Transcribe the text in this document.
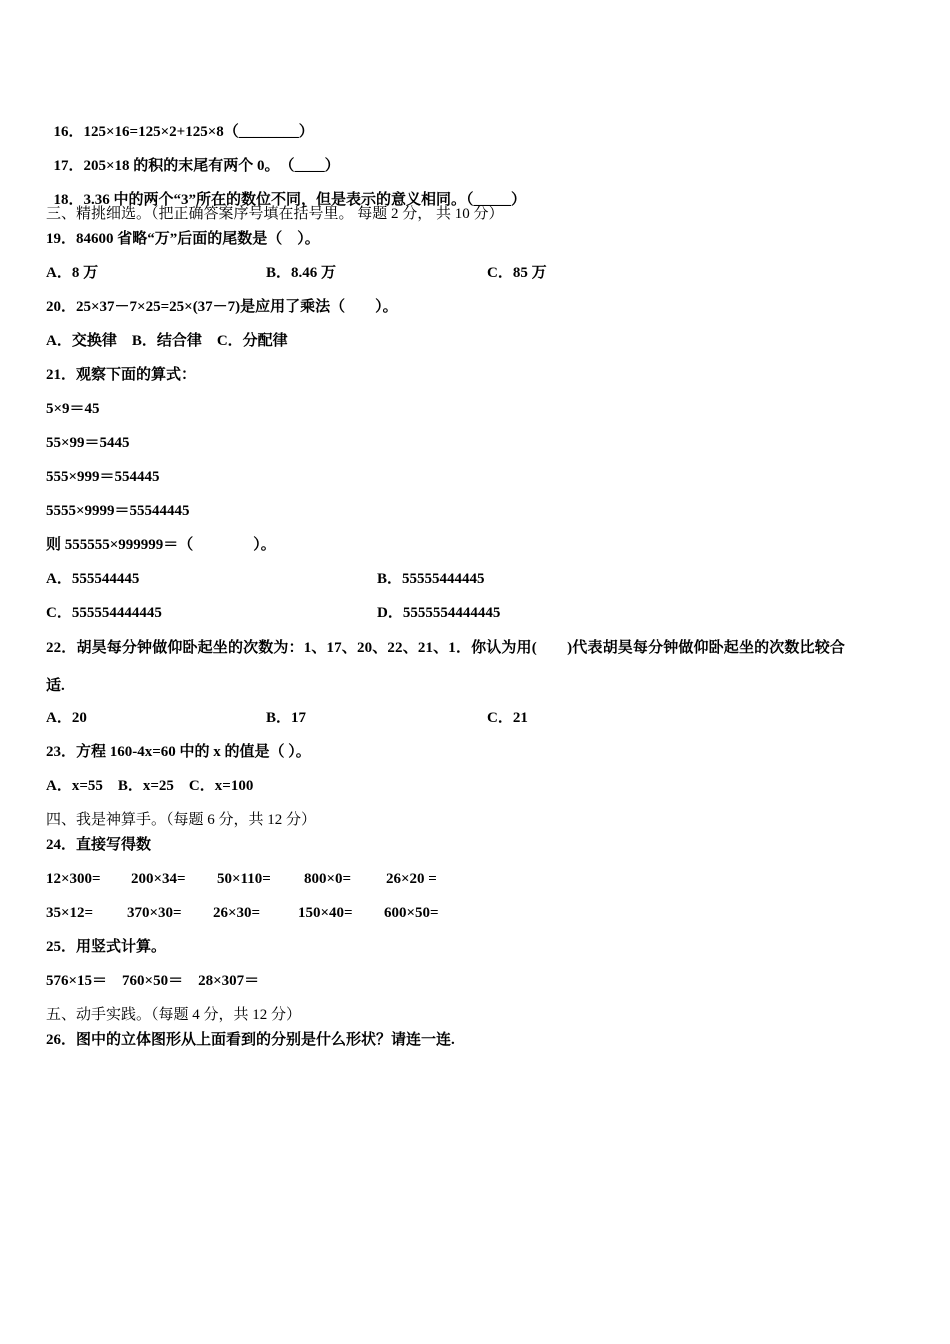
16．125×16=125×2+125×8（________）

17．205×18 的积的末尾有两个 0。　（____）

18．3.36 中的两个“3”所在的数位不同，但是表示的意义相同。（_____）

三、精挑细选。（把正确答案序号填在括号里。 每题 2 分， 共 10 分）
19．84600 省略“万”后面的尾数是（　）。
A．8 万	B．8.46 万	C．85 万
20．25×37－7×25=25×(37－7)是应用了乘法（　　）。
A．交换律　B．结合律　C．分配律
21．观察下面的算式：
5×9＝45
55×99＝5445
555×999＝554445
5555×9999＝55544445
则 555555×999999＝（　　　　）。
A．555544445	B．55555444445
C．555554444445	D．5555554444445
22．胡昊每分钟做仰卧起坐的次数为：1、17、20、22、21、1．你认为用(　　)代表胡昊每分钟做仰卧起坐的次数比较合
适.
A．20	B．17	C．21
23．方程 160-4x=60 中的 x 的值是（ ）。
A．x=55　B．x=25　C．x=100
四、我是神算手。（每题 6 分，共 12 分）
24．直接写得数
12×300= 200×34= 50×110= 800×0= 26×20 =
35×12= 370×30= 26×30=	150×40= 600×50=
25．用竖式计算。
576×15＝　760×50＝　28×307＝
五、动手实践。（每题 4 分，共 12 分）
26．图中的立体图形从上面看到的分别是什么形状？请连一连.
